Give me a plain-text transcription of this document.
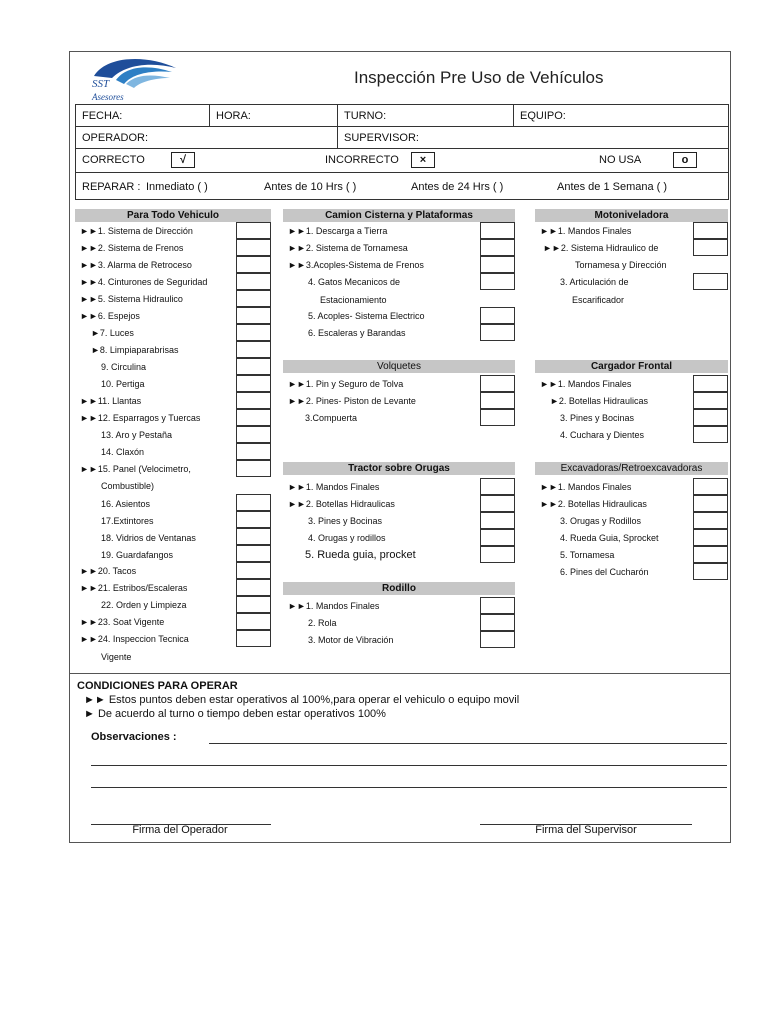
SST
Asesores
Inspección Pre Uso de Vehículos
FECHA:	HORA:	TURNO:	EQUIPO:
OPERADOR:	SUPERVISOR:
CORRECTO	√	INCORRECTO	×	NO USA	o
REPARAR : Inmediato ( )	Antes de 10 Hrs ( )	Antes de 24 Hrs ( )	Antes de 1 Semana ( )
Para Todo Vehiculo	Camion Cisterna y Plataformas
Volquetes
Tractor sobre Orugas
Rodillo
Motoniveladora
Cargador Frontal
Excavadoras/Retroexcavadoras
►►1. Sistema de Dirección
►►2. Sistema de Frenos
►►3. Alarma de Retroceso
►►4. Cinturones de Seguridad
►►5. Sistema Hidraulico
►►6. Espejos
►7. Luces
►8. Limpiaparabrisas
9. Circulina
10. Pertiga
►►11. Llantas
►►12. Esparragos y Tuercas
13. Aro y Pestaña
14. Claxón
►►15. Panel (Velocimetro,
Combustible)
16. Asientos
17.Extintores
18. Vidrios de Ventanas
19. Guardafangos
►►20. Tacos
►►21. Estribos/Escaleras
22. Orden y Limpieza
►►23. Soat Vigente
►►24. Inspeccion Tecnica
Vigente
►►1. Descarga a Tierra
►►2. Sistema de Tornamesa
►►3.Acoples-Sistema de Frenos
4. Gatos Mecanicos de
Estacionamiento
5. Acoples- Sistema Electrico
6. Escaleras y Barandas
►►1. Pin y Seguro de Tolva
►►2. Pines- Piston de Levante
3.Compuerta
►►1. Mandos Finales
►►2. Botellas Hidraulicas
3. Pines y Bocinas
4. Orugas y rodillos
5. Rueda guia, procket
►►1. Mandos Finales
2. Rola
3. Motor de Vibración
►►1. Mandos Finales
►►2. Sistema Hidraulico de
Tornamesa y Dirección
3. Articulación de
Escarificador
►►1. Mandos Finales
►2. Botellas Hidraulicas
3. Pines y Bocinas
4. Cuchara y Dientes
►►1. Mandos Finales
►►2. Botellas Hidraulicas
3. Orugas y Rodillos
4. Rueda Guia, Sprocket
5. Tornamesa
6. Pines del Cucharón
CONDICIONES PARA OPERAR
►► Estos puntos deben estar operativos al 100%,para operar el vehiculo o equipo movil
► De acuerdo al turno o tiempo deben estar operativos 100%
Observaciones :
Firma del Operador	Firma del Supervisor
